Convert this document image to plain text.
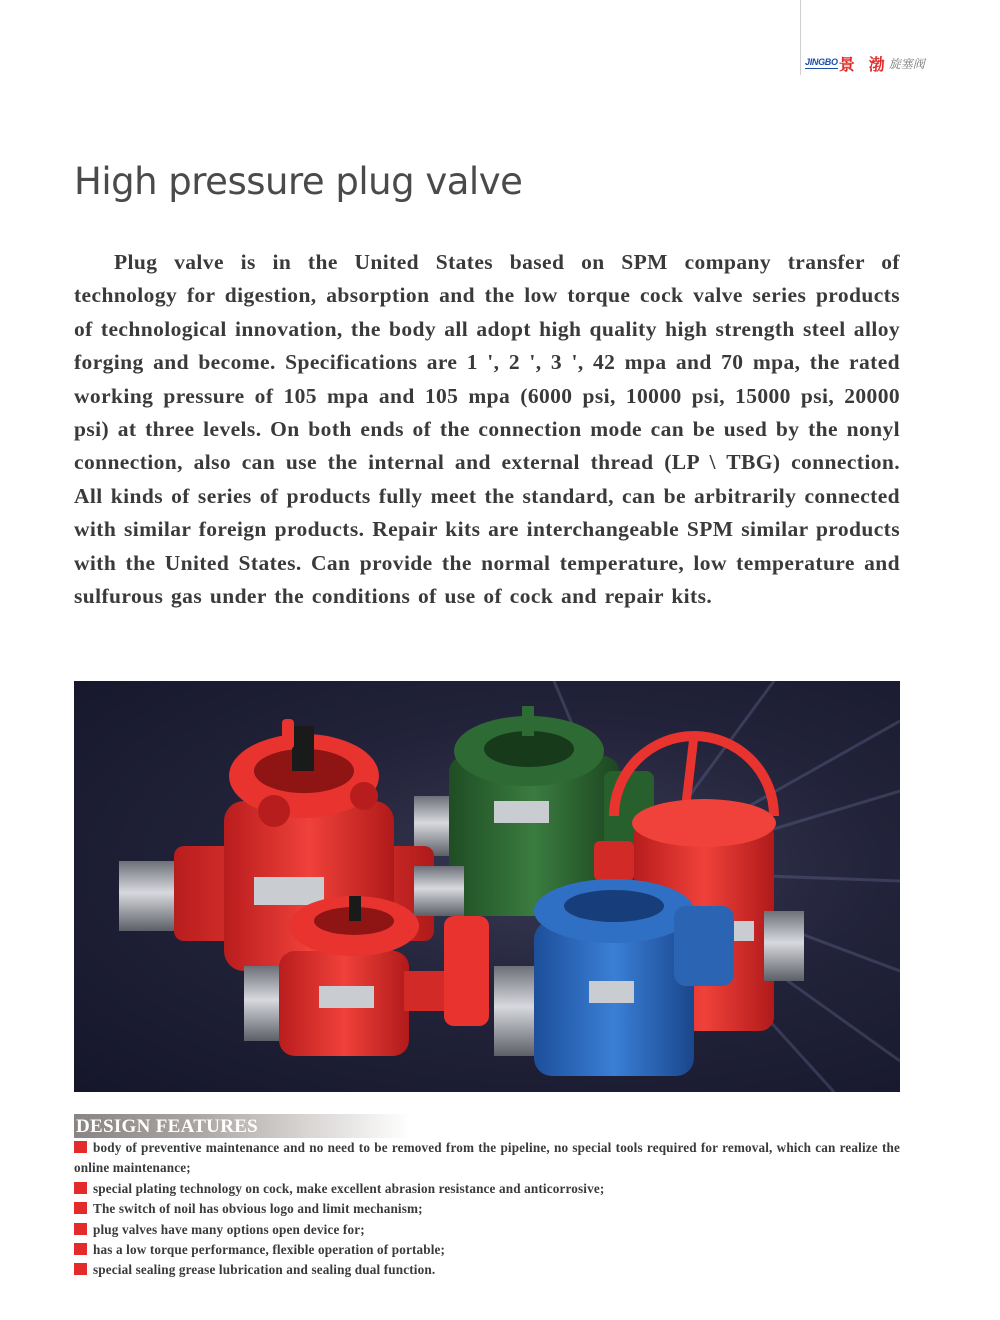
JINGBO 景 渤 旋塞阀
High pressure plug valve

Plug valve is in the United States based on SPM company transfer of technology for digestion, absorption and the low torque cock valve series products of technological innovation, the body all adopt high quality high strength steel alloy forging and become. Specifications are 1 ', 2 ', 3 ', 42 mpa and 70 mpa, the rated working pressure of 105 mpa and 105 mpa (6000 psi, 10000 psi, 15000 psi, 20000 psi) at three levels. On both ends of the connection mode can be used by the nonyl connection, also can use the internal and external thread (LP \ TBG) connection. All kinds of series of products fully meet the standard, can be arbitrarily connected with similar foreign products. Repair kits are interchangeable SPM similar products with the United States. Can provide the normal temperature, low temperature and sulfurous gas under the conditions of use of cock and repair kits.

DESIGN FEATURES
body of preventive maintenance and no need to be removed from the pipeline, no special tools required for removal, which can realize the online maintenance;
special plating technology on cock, make excellent abrasion resistance and anticorrosive;
The switch of noil has obvious logo and limit mechanism;
plug valves have many options open device for;
has a low torque performance, flexible operation of portable;
special sealing grease lubrication and sealing dual function.
